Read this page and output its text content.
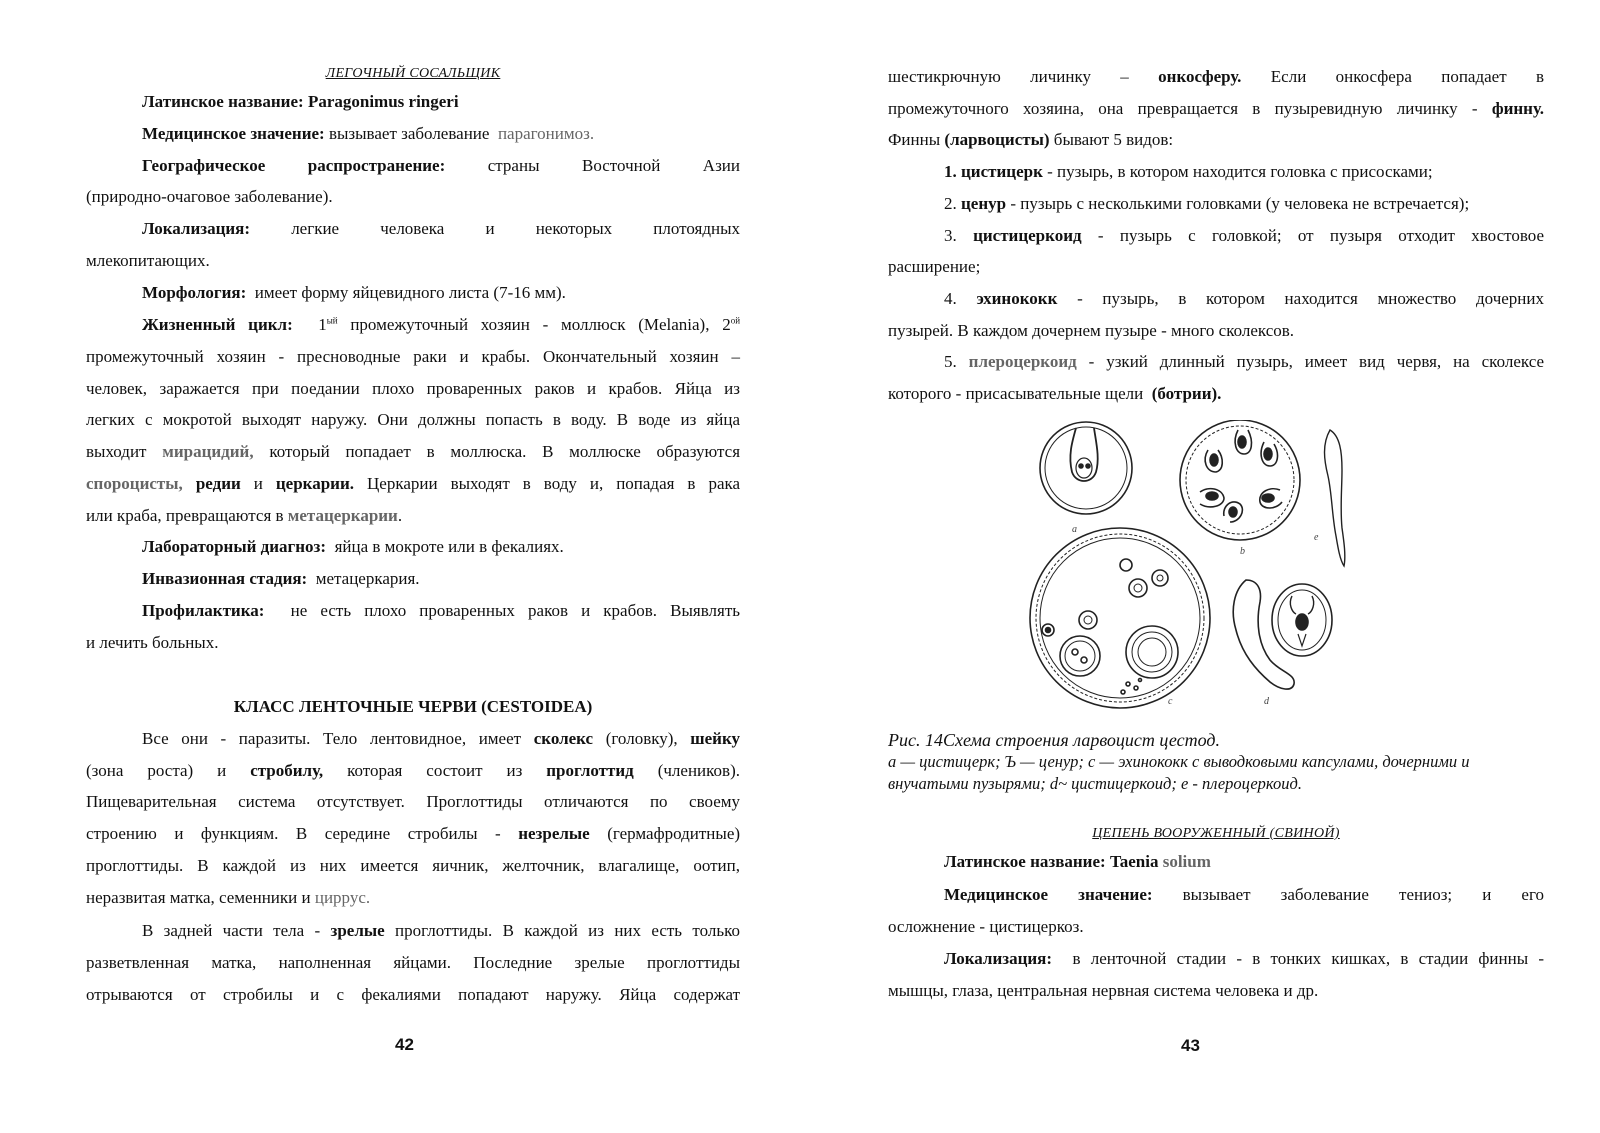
ЛЕГОЧНЫЙ СОСАЛЬЩИК

Латинское название: Paragonimus ringeri

Медицинское значение: вызывает заболевание парагонимоз.

Географическое распространение:	страны Восточной Азии

(природно-очаговое заболевание).

Локализация: легкие человека и некоторых плотоядных

млекопитающих.

Морфология: имеет форму яйцевидного листа (7-16 мм).

Жизненный цикл: $1^{ый}$ промежуточный хозяин - моллюск (Melania), $2^{ой}$

промежуточный хозяин - пресноводные раки и крабы. Окончательный хозяин –

человек, заражается при поедании плохо проваренных раков и крабов. Яйца из

легких с мокротой выходят наружу. Они должны попасть в воду. В воде из яйца

выходит мирацидий, который попадает в моллюска. В моллюске образуются

спороцисты, редии и церкарии. Церкарии выходят в воду и, попадая в рака

или краба, превращаются в метацеркарии.

Лабораторный диагноз: яйца в мокроте или в фекалиях.

Инвазионная стадия: метацеркария.

Профилактика: не есть плохо проваренных раков и крабов. Выявлять

и лечить больных.

КЛАСС ЛЕНТОЧНЫЕ ЧЕРВИ (CESTOIDEA)

Все они - паразиты. Тело лентовидное, имеет сколекс (головку), шейку

(зона роста) и стробилу, которая состоит из проглоттид (члеников).

Пищеварительная система отсутствует. Проглоттиды отличаются по своему

строению и функциям. В середине стробилы - незрелые (гермафродитные)

проглоттиды. В каждой из них имеется яичник, желточник, влагалище, оотип,

неразвитая матка, семенники и циррус.

В задней части тела - зрелые проглоттиды. В каждой из них есть только

разветвленная матка, наполненная яйцами. Последние зрелые проглоттиды

отрываются от стробилы и с фекалиями попадают наружу. Яйца содержат

42

шестикрючную личинку – онкосферу. Если онкосфера попадает в

промежуточного хозяина, она превращается в пузыревидную личинку - финну.

Финны (ларвоцисты) бывают 5 видов:

1. цистицерк - пузырь, в котором находится головка с присосками;

2. ценур - пузырь с несколькими головками (у человека не встречается);

3. цистицеркоид - пузырь с головкой; от пузыря отходит хвостовое

расширение;

4. эхинококк - пузырь, в котором находится множество дочерних

пузырей. В каждом дочернем пузыре - много сколексов.

5. плероцеркоид - узкий длинный пузырь, имеет вид червя, на сколексе

которого - присасывательные щели (ботрии).

b
e
c
a
d
Рис. 14Схема строения ларвоцист цестод.
а — цистицерк; Ъ — ценур; с — эхинококк с выводковыми капсулами, дочерними и
внучатыми пузырями; d~ цистицеркоид; е - плероцеркоид.

ЦЕПЕНЬ ВООРУЖЕННЫЙ (СВИНОЙ)

Латинское название: Taenia solium

Медицинское значение: вызывает заболевание тениоз; и его

осложнение - цистицеркоз.

Локализация: в ленточной стадии - в тонких кишках, в стадии финны -

мышцы, глаза, центральная нервная система человека и др.

43
